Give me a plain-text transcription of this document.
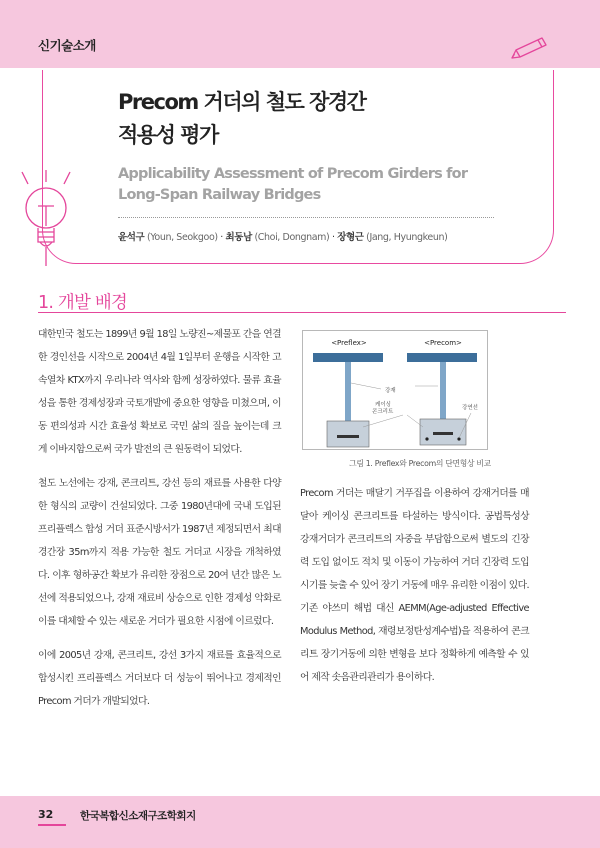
신기술소개
Precom 거더의 철도 장경간
적용성 평가
Applicability Assessment of Precom Girders for
Long-Span Railway Bridges
윤석구 (Youn, Seokgoo) · 최동남 (Choi, Dongnam) · 장형근 (Jang, Hyungkeun)
1. 개발 배경

대한민국 철도는 1899년 9월 18일 노량진~제물포 간을 연결한 경인선을 시작으로 2004년 4월 1일부터 운행을 시작한 고속열차 KTX까지 우리나라 역사와 함께 성장하였다. 물류 효율성을 통한 경제성장과 국토개발에 중요한 영향을 미쳤으며, 이동 편의성과 시간 효율성 확보로 국민 삶의 질을 높이는데 크게 이바지함으로써 국가 발전의 큰 원동력이 되었다.

철도 노선에는 강재, 콘크리트, 강선 등의 재료를 사용한 다양한 형식의 교량이 건설되었다. 그중 1980년대에 국내 도입된 프리플렉스 합성 거더 표준시방서가 1987년 제정되면서 최대경간장 35m까지 적용 가능한 철도 거더교 시장을 개척하였다. 이후 형하공간 확보가 유리한 장점으로 20여 년간 많은 노선에 적용되었으나, 강재 재료비 상승으로 인한 경제성 악화로 이를 대체할 수 있는 새로운 거더가 필요한 시점에 이르렀다.

이에 2005년 강재, 콘크리트, 강선 3가지 재료를 효율적으로 합성시킨 프리플렉스 거더보다 더 성능이 뛰어나고 경제적인 Precom 거더가 개발되었다.

<Preflex>	<Precom>
강재
케이싱
콘크리트
강연선
그림 1. Preflex와 Precom의 단면형상 비교

Precom 거더는 매달기 거푸집을 이용하여 강재거더를 매달아 케이싱 콘크리트를 타설하는 방식이다. 공법특성상 강재거더가 콘크리트의 자중을 부담함으로써 별도의 긴장력 도입 없이도 적치 및 이동이 가능하여 거더 긴장력 도입시기를 늦출 수 있어 장기 거동에 매우 유리한 이점이 있다. 기존 야쓰미 해법 대신 AEMM(Age-adjusted Effective Modulus Method, 재령보정탄성계수법)을 적용하여 콘크리트 장기거동에 의한 변형을 보다 정확하게 예측할 수 있어 제작 솟음관리관리가 용이하다.

32	한국복합신소재구조학회지
